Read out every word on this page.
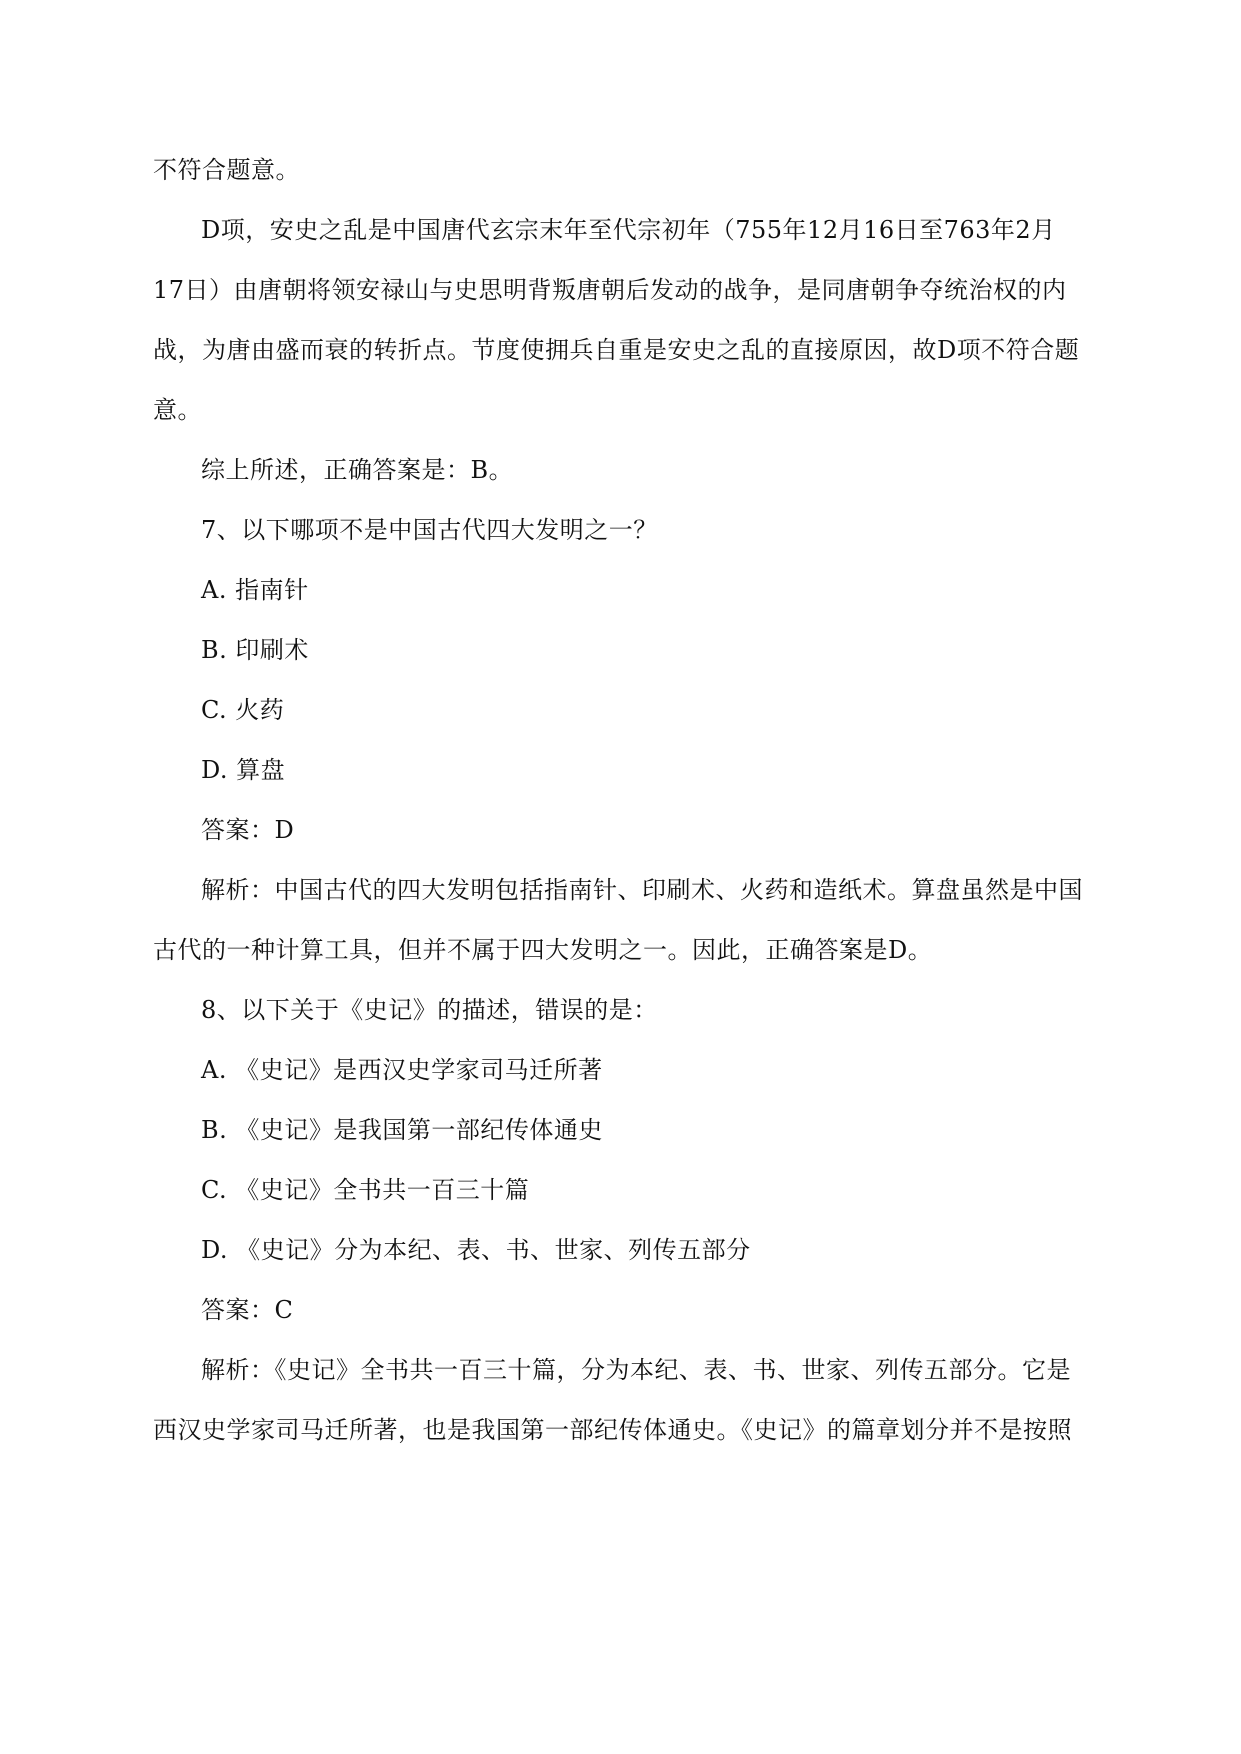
不符合题意。
D项，安史之乱是中国唐代玄宗末年至代宗初年（755年12月16日至763年2月
17日）由唐朝将领安禄山与史思明背叛唐朝后发动的战争，是同唐朝争夺统治权的内
战，为唐由盛而衰的转折点。节度使拥兵自重是安史之乱的直接原因，故D项不符合题
意。
综上所述，正确答案是：B。
7、以下哪项不是中国古代四大发明之一？
A. 指南针
B. 印刷术
C. 火药
D. 算盘
答案：D
解析：中国古代的四大发明包括指南针、印刷术、火药和造纸术。算盘虽然是中国
古代的一种计算工具，但并不属于四大发明之一。因此，正确答案是D。
8、以下关于《史记》的描述，错误的是：
A. 《史记》是西汉史学家司马迁所著
B. 《史记》是我国第一部纪传体通史
C. 《史记》全书共一百三十篇
D. 《史记》分为本纪、表、书、世家、列传五部分
答案：C
解析：《史记》全书共一百三十篇，分为本纪、表、书、世家、列传五部分。它是
西汉史学家司马迁所著，也是我国第一部纪传体通史。《史记》的篇章划分并不是按照
